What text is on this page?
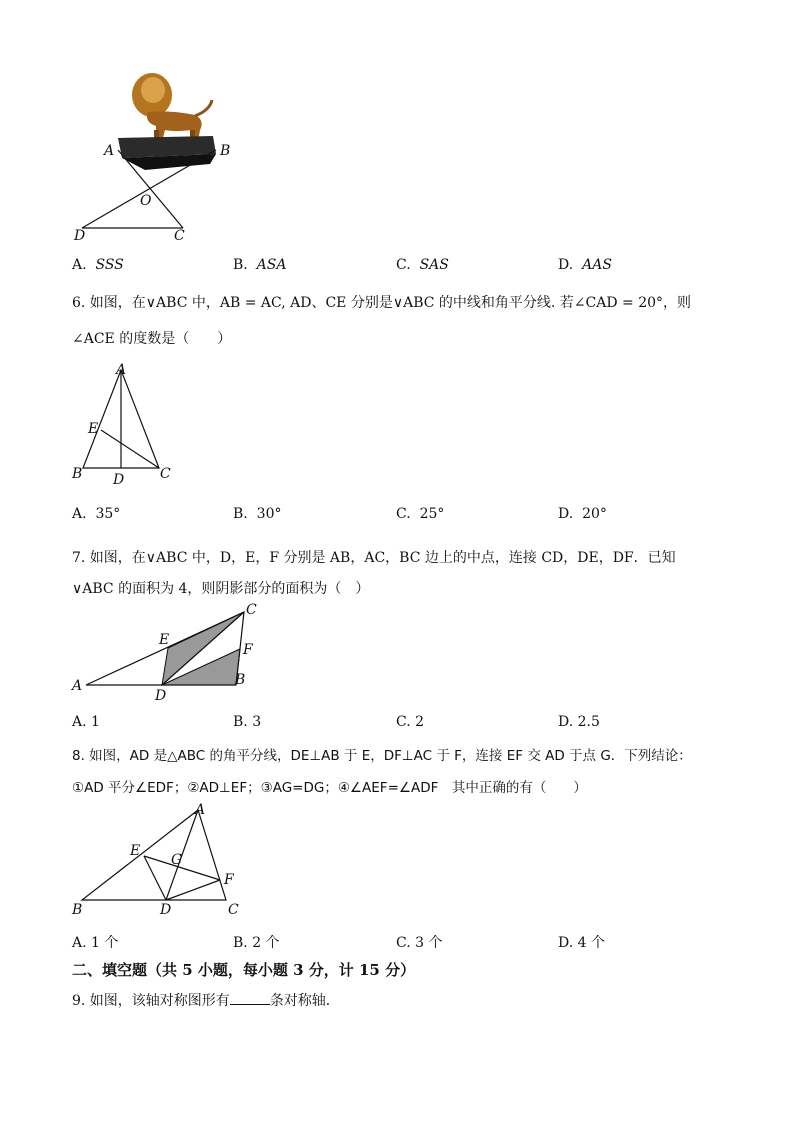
A	B
O
D	C
A. SSS	B. ASA	C. SAS	D. AAS
6. 如图，在∨ABC 中，AB = AC, AD、CE 分别是∨ABC 的中线和角平分线. 若∠CAD = 20°，则
∠ACE 的度数是（　　）
A
E
B D	C
A. 35°	B. 30°	C. 25°	D. 20°
7. 如图，在∨ABC 中，D，E，F 分别是 AB，AC，BC 边上的中点，连接 CD，DE，DF．已知
∨ABC 的面积为 4，则阴影部分的面积为（　）
A
E
D
C
F
B
A. 1	B. 3	C. 2	D. 2.5
8. 如图，AD 是△ABC 的角平分线，DE⊥AB 于 E，DF⊥AC 于 F，连接 EF 交 AD 于点 G．下列结论：
①AD 平分∠EDF；②AD⊥EF；③AG=DG；④∠AEF=∠ADF　其中正确的有（　　）
A
E
G
F
B	D	C
A. 1 个	B. 2 个	C. 3 个	D. 4 个
二、填空题（共 5 小题，每小题 3 分，计 15 分）
9. 如图，该轴对称图形有	条对称轴．
